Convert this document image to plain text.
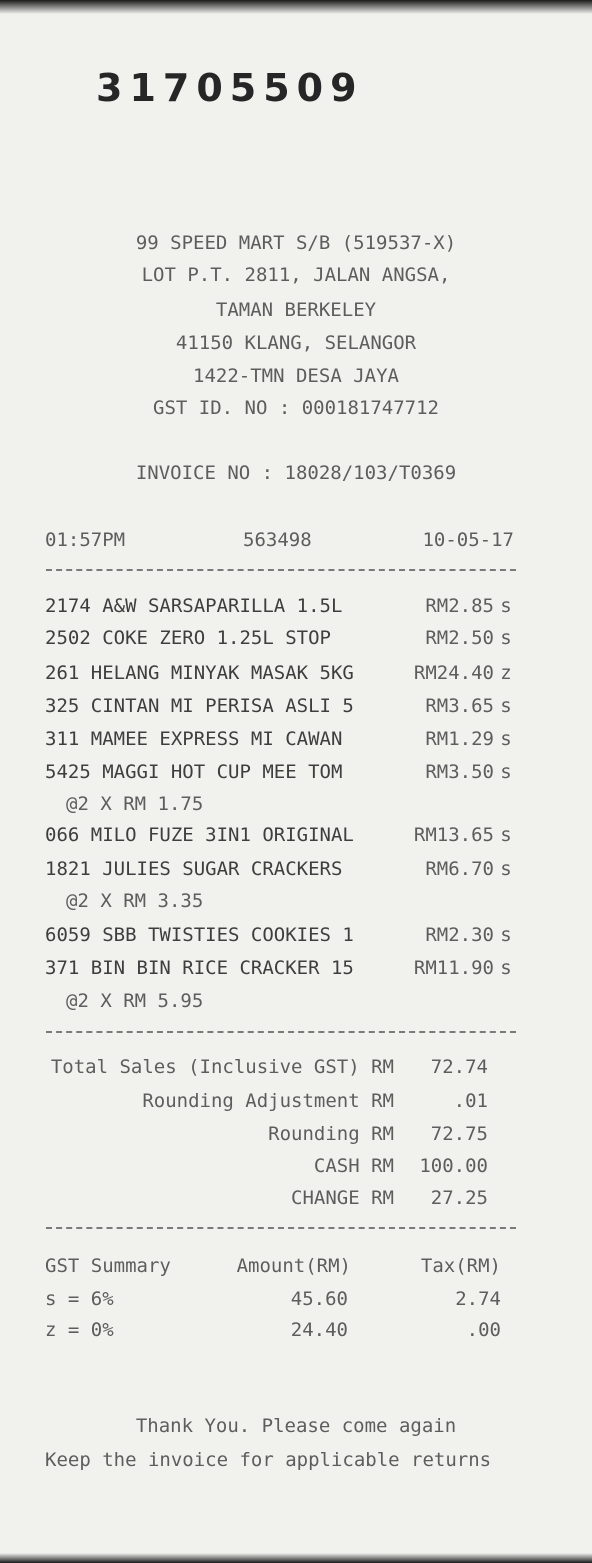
31705509
99 SPEED MART S/B (519537-X)
LOT P.T. 2811, JALAN ANGSA,
TAMAN BERKELEY
41150 KLANG, SELANGOR
1422-TMN DESA JAYA
GST ID. NO : 000181747712
INVOICE NO : 18028/103/T0369
01:57PM	563498	10-05-17
2174 A&W SARSAPARILLA 1.5L	RM2.85 s
2502 COKE ZERO 1.25L STOP	RM2.50 s
261 HELANG MINYAK MASAK 5KG	RM24.40 z
325 CINTAN MI PERISA ASLI 5	RM3.65 s
311 MAMEE EXPRESS MI CAWAN	RM1.29 s
5425 MAGGI HOT CUP MEE TOM	RM3.50 s
@2 X RM 1.75
066 MILO FUZE 3IN1 ORIGINAL	RM13.65 s
1821 JULIES SUGAR CRACKERS	RM6.70 s
@2 X RM 3.35
6059 SBB TWISTIES COOKIES 1	RM2.30 s
371 BIN BIN RICE CRACKER 15	RM11.90 s
@2 X RM 5.95
Total Sales (Inclusive GST) RM 72.74
Rounding Adjustment RM	.01
Rounding RM 72.75
CASH RM 100.00
CHANGE RM 27.25
GST Summary	Amount(RM)	Tax(RM)
s = 6%	45.60	2.74
z = 0%	24.40	.00
Thank You. Please come again
Keep the invoice for applicable returns
